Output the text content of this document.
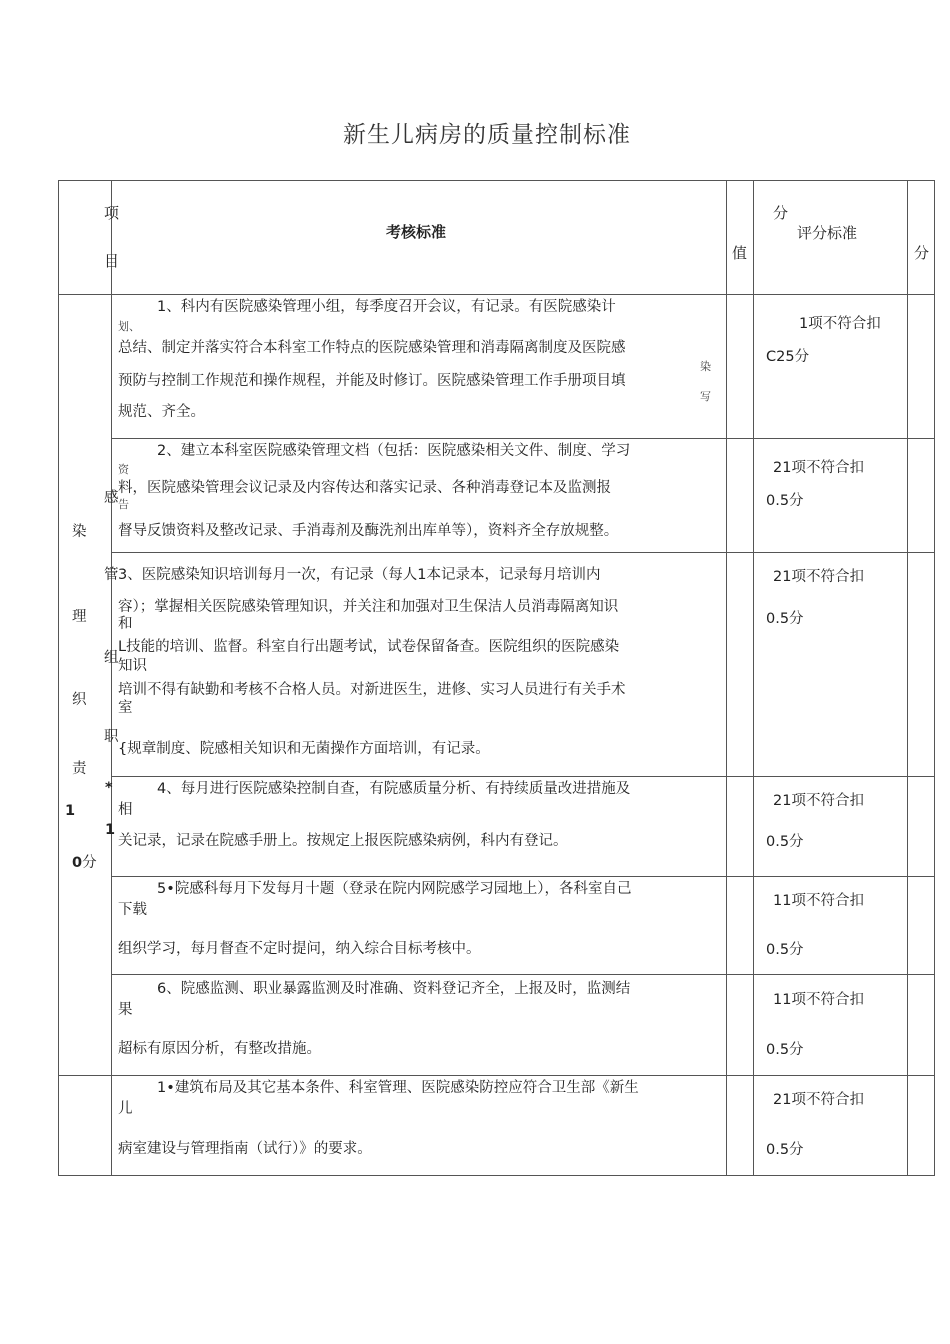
新生儿病房的质量控制标准
项
目
考核标准
值
分
评分标准
分
染
理
织
责
感
管
组
职
*
1
1
0分
1、科内有医院感染管理小组，每季度召开会议，有记录。有医院感染计
划、
总结、制定并落实符合本科室工作特点的医院感染管理和消毒隔离制度及医院感
染
预防与控制工作规范和操作规程，并能及时修订。医院感染管理工作手册项目填
写
规范、齐全。
1项不符合扣
C25分
2、建立本科室医院感染管理文档（包括：医院感染相关文件、制度、学习
资
料，医院感染管理会议记录及内容传达和落实记录、各种消毒登记本及监测报
告
督导反馈资料及整改记录、手消毒剂及酶洗剂出库单等），资料齐全存放规整。
21项不符合扣
0.5分
3、医院感染知识培训每月一次，有记录（每人1本记录本，记录每月培训内
容）；掌握相关医院感染管理知识，并关注和加强对卫生保洁人员消毒隔离知识
和
L技能的培训、监督。科室自行出题考试，试卷保留备查。医院组织的医院感染
知识
培训不得有缺勤和考核不合格人员。对新进医生，进修、实习人员进行有关手术
室
{规章制度、院感相关知识和无菌操作方面培训，有记录。
21项不符合扣
0.5分
4、每月进行医院感染控制自查，有院感质量分析、有持续质量改进措施及
相
关记录，记录在院感手册上。按规定上报医院感染病例，科内有登记。
21项不符合扣
0.5分
5•院感科每月下发每月十题（登录在院内网院感学习园地上），各科室自己
下载
组织学习，每月督查不定时提问，纳入综合目标考核中。
11项不符合扣
0.5分
6、院感监测、职业暴露监测及时准确、资料登记齐全，上报及时，监测结
果
超标有原因分析，有整改措施。
11项不符合扣
0.5分
1•建筑布局及其它基本条件、科室管理、医院感染防控应符合卫生部《新生
儿
病室建设与管理指南（试行）》的要求。
21项不符合扣
0.5分
